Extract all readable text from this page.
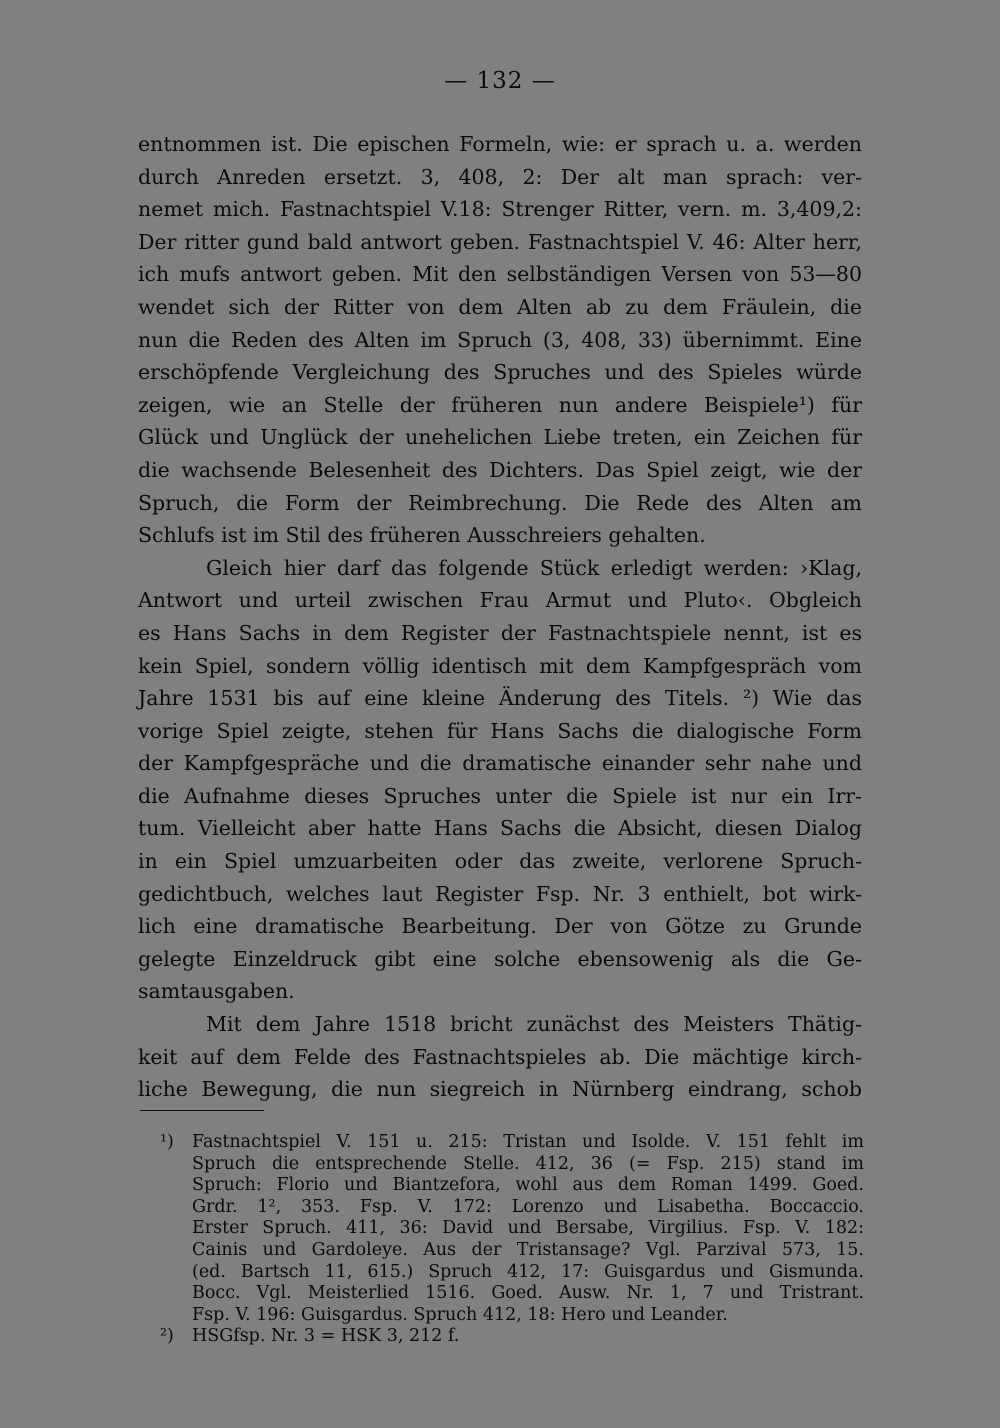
— 132 —
entnommen ist. Die epischen Formeln, wie: er sprach u. a. werden
durch Anreden ersetzt. 3, 408, 2: Der alt man sprach: ver-
nemet mich. Fastnachtspiel V.18: Strenger Ritter, vern. m. 3,409,2:
Der ritter gund bald antwort geben. Fastnachtspiel V. 46: Alter herr,
ich mufs antwort geben. Mit den selbständigen Versen von 53—80
wendet sich der Ritter von dem Alten ab zu dem Fräulein, die
nun die Reden des Alten im Spruch (3, 408, 33) übernimmt. Eine
erschöpfende Vergleichung des Spruches und des Spieles würde
zeigen, wie an Stelle der früheren nun andere Beispiele¹) für
Glück und Unglück der unehelichen Liebe treten, ein Zeichen für
die wachsende Belesenheit des Dichters. Das Spiel zeigt, wie der
Spruch, die Form der Reimbrechung. Die Rede des Alten am
Schlufs ist im Stil des früheren Ausschreiers gehalten.
Gleich hier darf das folgende Stück erledigt werden: ›Klag,
Antwort und urteil zwischen Frau Armut und Pluto‹. Obgleich
es Hans Sachs in dem Register der Fastnachtspiele nennt, ist es
kein Spiel, sondern völlig identisch mit dem Kampfgespräch vom
Jahre 1531 bis auf eine kleine Änderung des Titels. ²) Wie das
vorige Spiel zeigte, stehen für Hans Sachs die dialogische Form
der Kampfgespräche und die dramatische einander sehr nahe und
die Aufnahme dieses Spruches unter die Spiele ist nur ein Irr-
tum. Vielleicht aber hatte Hans Sachs die Absicht, diesen Dialog
in ein Spiel umzuarbeiten oder das zweite, verlorene Spruch-
gedichtbuch, welches laut Register Fsp. Nr. 3 enthielt, bot wirk-
lich eine dramatische Bearbeitung. Der von Götze zu Grunde
gelegte Einzeldruck gibt eine solche ebensowenig als die Ge-
samtausgaben.
Mit dem Jahre 1518 bricht zunächst des Meisters Thätig-
keit auf dem Felde des Fastnachtspieles ab. Die mächtige kirch-
liche Bewegung, die nun siegreich in Nürnberg eindrang, schob
¹) Fastnachtspiel V. 151 u. 215: Tristan und Isolde. V. 151 fehlt im
Spruch die entsprechende Stelle. 412, 36 (= Fsp. 215) stand im
Spruch: Florio und Biantzefora, wohl aus dem Roman 1499. Goed.
Grdr. 1², 353. Fsp. V. 172: Lorenzo und Lisabetha. Boccaccio.
Erster Spruch. 411, 36: David und Bersabe, Virgilius. Fsp. V. 182:
Cainis und Gardoleye. Aus der Tristansage? Vgl. Parzival 573, 15.
(ed. Bartsch 11, 615.) Spruch 412, 17: Guisgardus und Gismunda.
Bocc. Vgl. Meisterlied 1516. Goed. Ausw. Nr. 1, 7 und Tristrant.
Fsp. V. 196: Guisgardus. Spruch 412, 18: Hero und Leander.
²) HSGfsp. Nr. 3 = HSK 3, 212 f.
